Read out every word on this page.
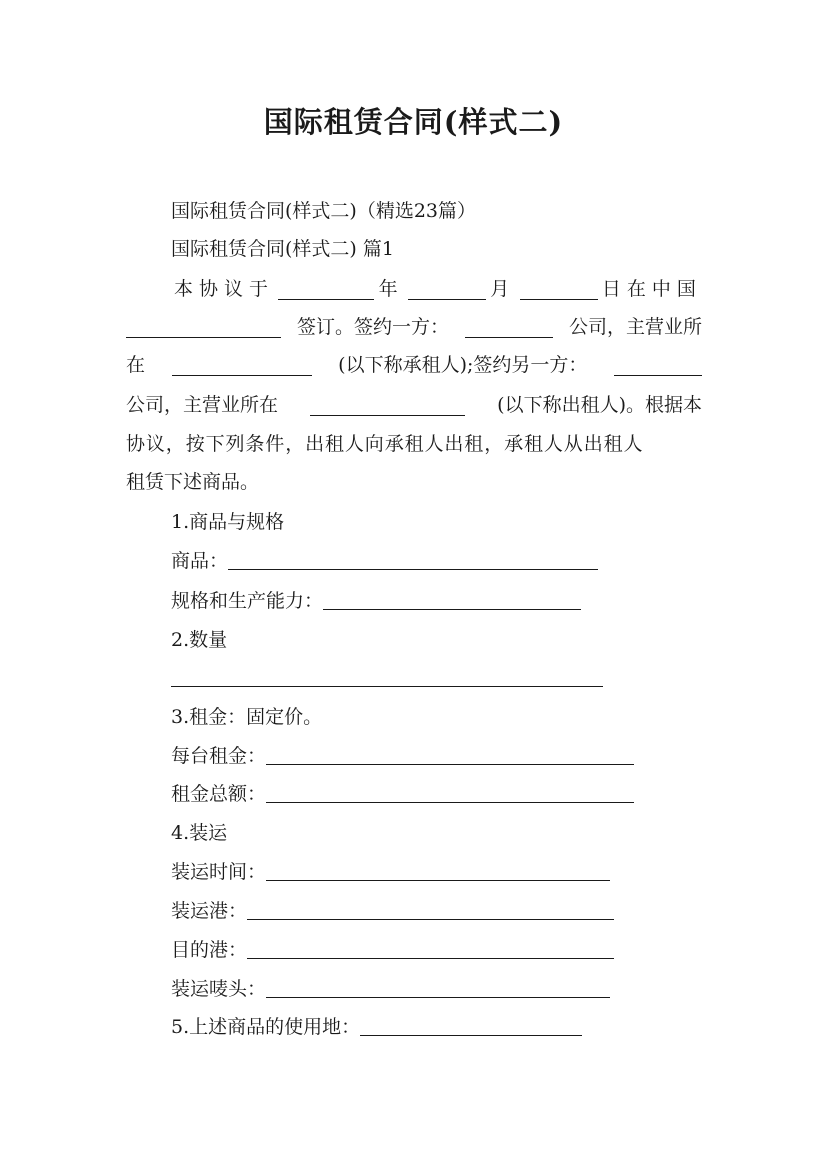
国际租赁合同(样式二)
国际租赁合同(样式二)（精选23篇）
国际租赁合同(样式二) 篇1
本协议于	年	月	日在中国
签订。签约一方：	公司，主营业所
在	(以下称承租人);签约另一方：
公司，主营业所在	(以下称出租人)。根据本
协议，按下列条件，出租人向承租人出租，承租人从出租人
租赁下述商品。
1.商品与规格
商品：
规格和生产能力：
2.数量
3.租金：固定价。
每台租金：
租金总额：
4.装运
装运时间：
装运港：
目的港：
装运唛头：
5.上述商品的使用地：
